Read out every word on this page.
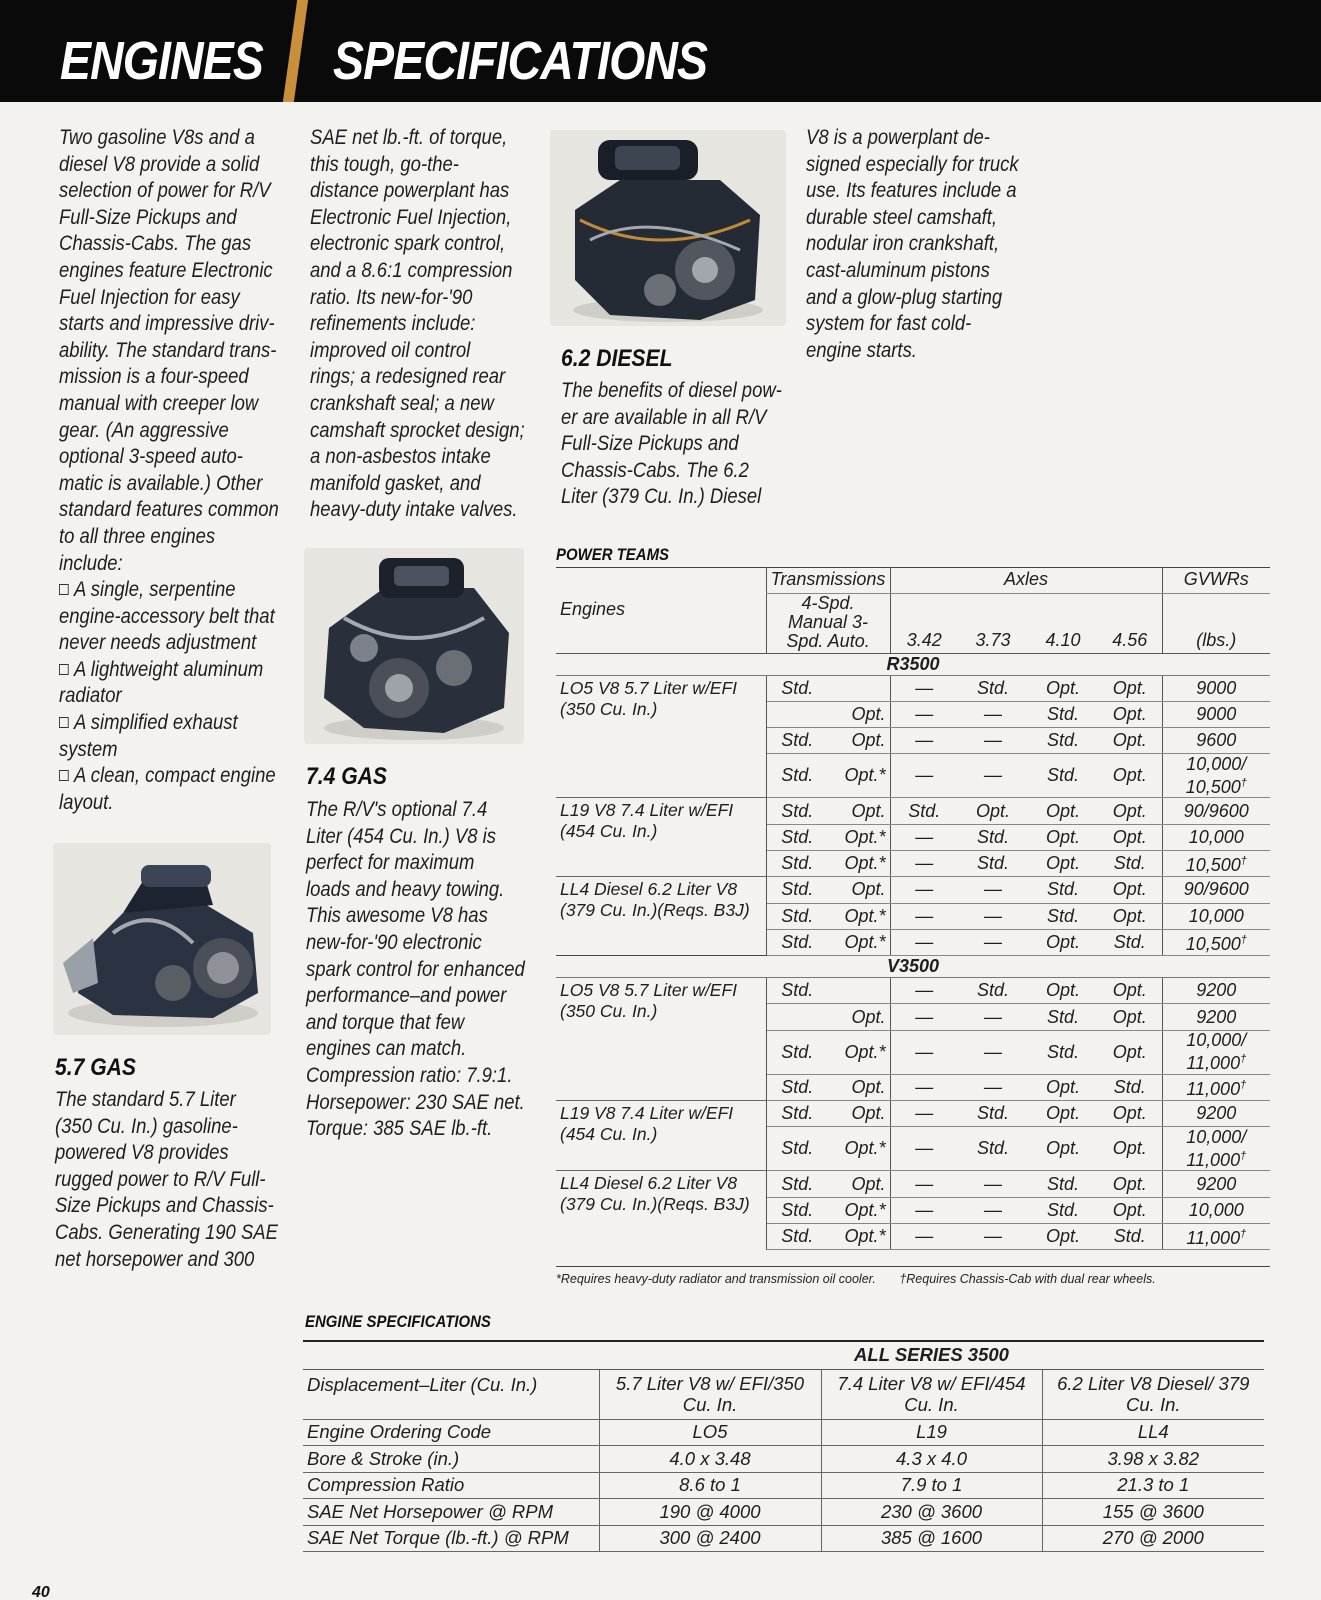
ENGINES SPECIFICATIONS
Two gasoline V8s and a
diesel V8 provide a solid
selection of power for R/V
Full-Size Pickups and
Chassis-Cabs. The gas
engines feature Electronic
Fuel Injection for easy
starts and impressive driv-
ability. The standard trans-
mission is a four-speed
manual with creeper low
gear. (An aggressive
optional 3-speed auto-
matic is available.) Other
standard features common
to all three engines
include:
A single, serpentine
engine-accessory belt that
never needs adjustment
A lightweight aluminum
radiator
A simplified exhaust
system
A clean, compact engine
layout.
5.7 GAS
The standard 5.7 Liter
(350 Cu. In.) gasoline-
powered V8 provides
rugged power to R/V Full-
Size Pickups and Chassis-
Cabs. Generating 190 SAE
net horsepower and 300
SAE net lb.-ft. of torque,
this tough, go-the-
distance powerplant has
Electronic Fuel Injection,
electronic spark control,
and a 8.6:1 compression
ratio. Its new-for-'90
refinements include:
improved oil control
rings; a redesigned rear
crankshaft seal; a new
camshaft sprocket design;
a non-asbestos intake
manifold gasket, and
heavy-duty intake valves.
7.4 GAS
The R/V's optional 7.4
Liter (454 Cu. In.) V8 is
perfect for maximum
loads and heavy towing.
This awesome V8 has
new-for-'90 electronic
spark control for enhanced
performance–and power
and torque that few
engines can match.
Compression ratio: 7.9:1.
Horsepower: 230 SAE net.
Torque: 385 SAE lb.-ft.
6.2 DIESEL
The benefits of diesel pow-
er are available in all R/V
Full-Size Pickups and
Chassis-Cabs. The 6.2
Liter (379 Cu. In.) Diesel
V8 is a powerplant de-
signed especially for truck
use. Its features include a
durable steel camshaft,
nodular iron crankshaft,
cast-aluminum pistons
and a glow-plug starting
system for fast cold-
engine starts.
POWER TEAMS
Engines	Transmissions		Axles				GVWRs
	4-Spd. Manual 3-Spd. Auto.		3.42	3.73	4.10	4.56	(lbs.)
R3500							
LO5 V8 5.7 Liter w/EFI (350 Cu. In.)	Std.		—	Std.	Opt.	Opt.	9000
		Opt.	—	—	Std.	Opt.	9000
	Std.	Opt.	—	—	Std.	Opt.	9600
	Std.	Opt.*	—	—	Std.	Opt.	10,000/
10,500†
L19 V8 7.4 Liter w/EFI (454 Cu. In.)	Std.	Opt.	Std.	Opt.	Opt.	Opt.	90/9600
	Std.	Opt.*	—	Std.	Opt.	Opt.	10,000
	Std.	Opt.*	—	Std.	Opt.	Std.	10,500†
LL4 Diesel 6.2 Liter V8 (379 Cu. In.)(Reqs. B3J)	Std.	Opt.	—	—	Std.	Opt.	90/9600
	Std.	Opt.*	—	—	Std.	Opt.	10,000
	Std.	Opt.*	—	—	Opt.	Std.	10,500†
V3500							
LO5 V8 5.7 Liter w/EFI (350 Cu. In.)	Std.		—	Std.	Opt.	Opt.	9200
		Opt.	—	—	Std.	Opt.	9200
	Std.	Opt.*	—	—	Std.	Opt.	10,000/
11,000†
	Std.	Opt.	—	—	Opt.	Std.	11,000†
L19 V8 7.4 Liter w/EFI (454 Cu. In.)	Std.	Opt.	—	Std.	Opt.	Opt.	9200
	Std.	Opt.*	—	Std.	Opt.	Opt.	10,000/
11,000†
LL4 Diesel 6.2 Liter V8 (379 Cu. In.)(Reqs. B3J)	Std.	Opt.	—	—	Std.	Opt.	9200
	Std.	Opt.*	—	—	Std.	Opt.	10,000
	Std.	Opt.*	—	—	Opt.	Std.	11,000†
*Requires heavy-duty radiator and transmission oil cooler. †Requires Chassis-Cab with dual rear wheels.
ENGINE SPECIFICATIONS
	ALL SERIES 3500		
Displacement–Liter (Cu. In.)	5.7 Liter V8 w/ EFI/350 Cu. In.	7.4 Liter V8 w/ EFI/454 Cu. In.	6.2 Liter V8 Diesel/ 379 Cu. In.
Engine Ordering Code	LO5	L19	LL4
Bore & Stroke (in.)	4.0 x 3.48	4.3 x 4.0	3.98 x 3.82
Compression Ratio	8.6 to 1	7.9 to 1	21.3 to 1
SAE Net Horsepower @ RPM	190 @ 4000	230 @ 3600	155 @ 3600
SAE Net Torque (lb.-ft.) @ RPM	300 @ 2400	385 @ 1600	270 @ 2000
40
